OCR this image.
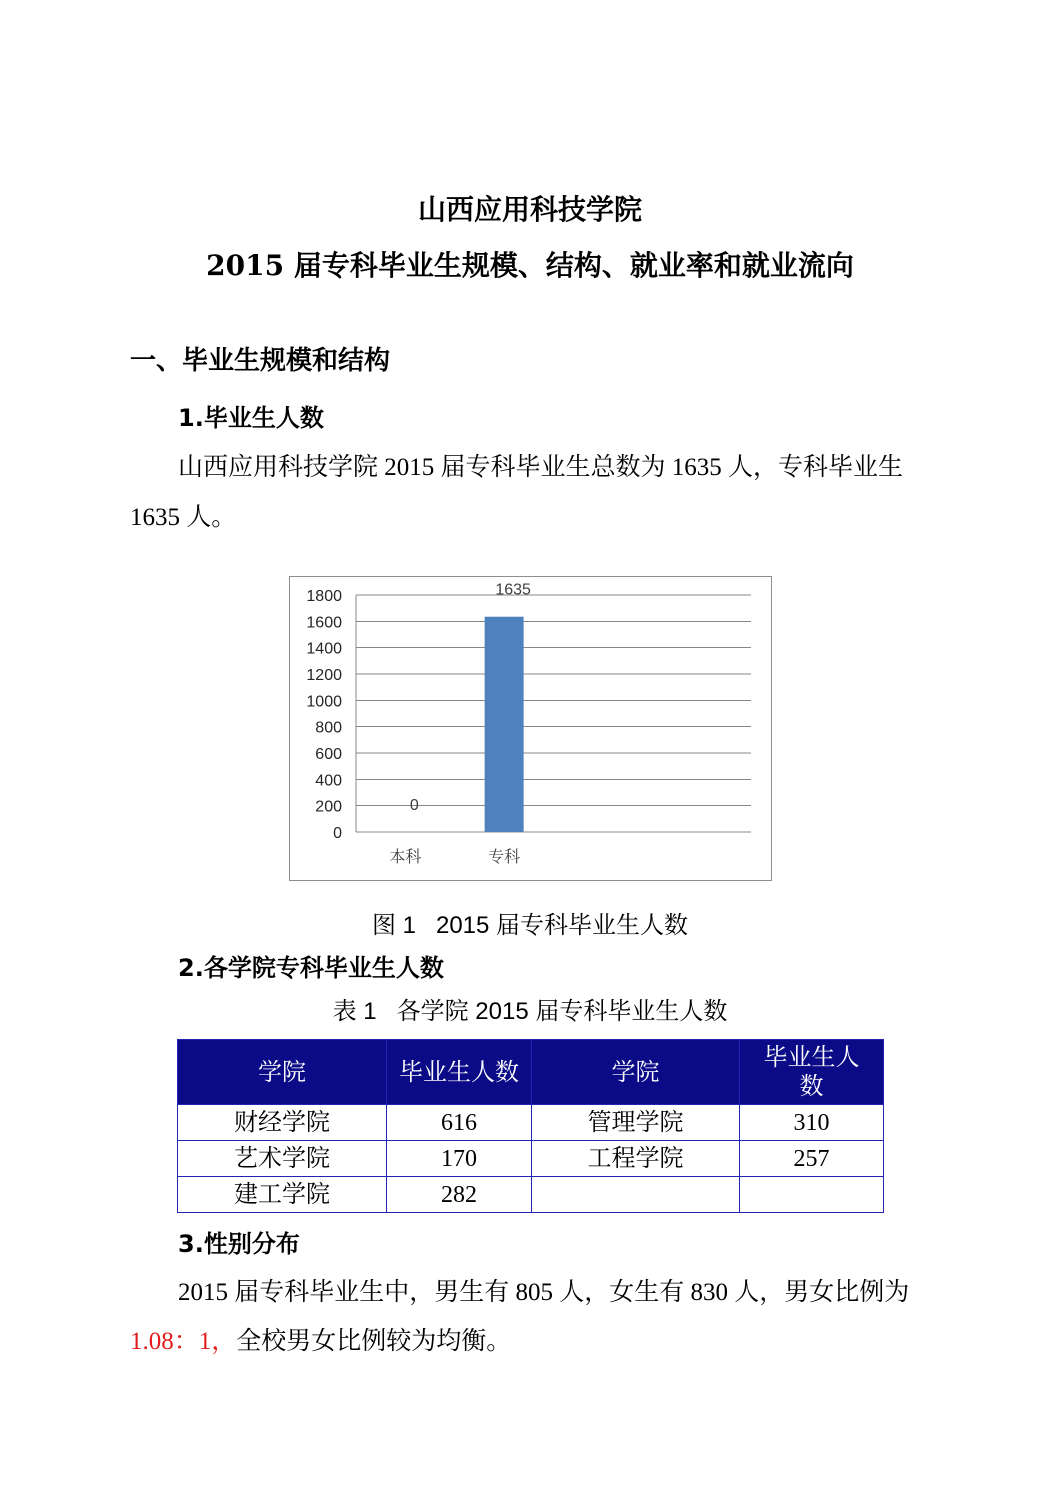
山西应用科技学院
2015 届专科毕业生规模、结构、就业率和就业流向
一、毕业生规模和结构
1.毕业生人数
山西应用科技学院 2015 届专科毕业生总数为 1635 人，专科毕业生
1635 人。
0
200
400
600
800
1000
1200
1400
1600
1800
0
本科
1635
专科
图 1   2015 届专科毕业生人数
2.各学院专科毕业生人数
表 1   各学院 2015 届专科毕业生人数
学院	毕业生人数	学院	毕业生人数
财经学院	616	管理学院	310
艺术学院	170	工程学院	257
建工学院	282		
3.性别分布
2015 届专科毕业生中，男生有 805 人，女生有 830 人，男女比例为
1.08：1，全校男女比例较为均衡。
